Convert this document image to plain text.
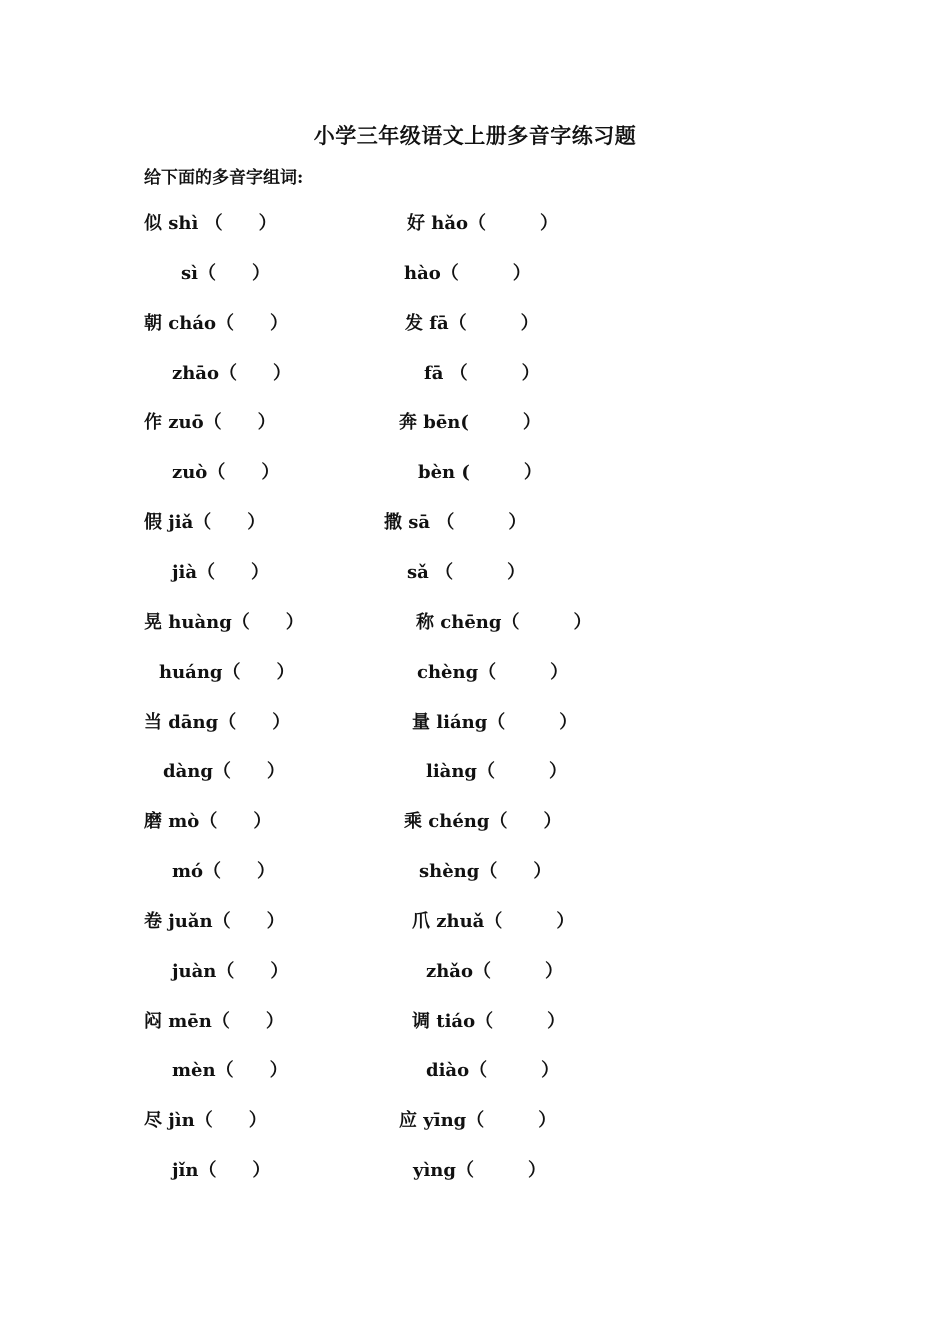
小学三年级语文上册多音字练习题
给下面的多音字组词:
似 shì （　　）
sì（　　）
朝 cháo（　　）
zhāo（　　）
作 zuō（　　）
zuò（　　）
假 jiǎ（　　）
jià（　　）
晃 huàng（　　）
huáng（　　）
当 dāng（　　）
dàng（　　）
磨 mò（　　）
mó（　　）
卷 juǎn（　　）
juàn（　　）
闷 mēn（　　）
mèn（　　）
尽 jìn（　　）
jǐn（　　）
好 hǎo（　　　）
hào（　　　）
发 fā（　　　）
fā （　　　）
奔 bēn(　　　）
bèn (　　　）
撒 sā （　　　）
sǎ （　　　）
称 chēng（　　　）
chèng（　　　）
量 liáng（　　　）
liàng（　　　）
乘 chéng（　　）
shèng（　　）
爪 zhuǎ（　　　）
zhǎo（　　　）
调 tiáo（　　　）
diào（　　　）
应 yīng（　　　）
yìng（　　　）
